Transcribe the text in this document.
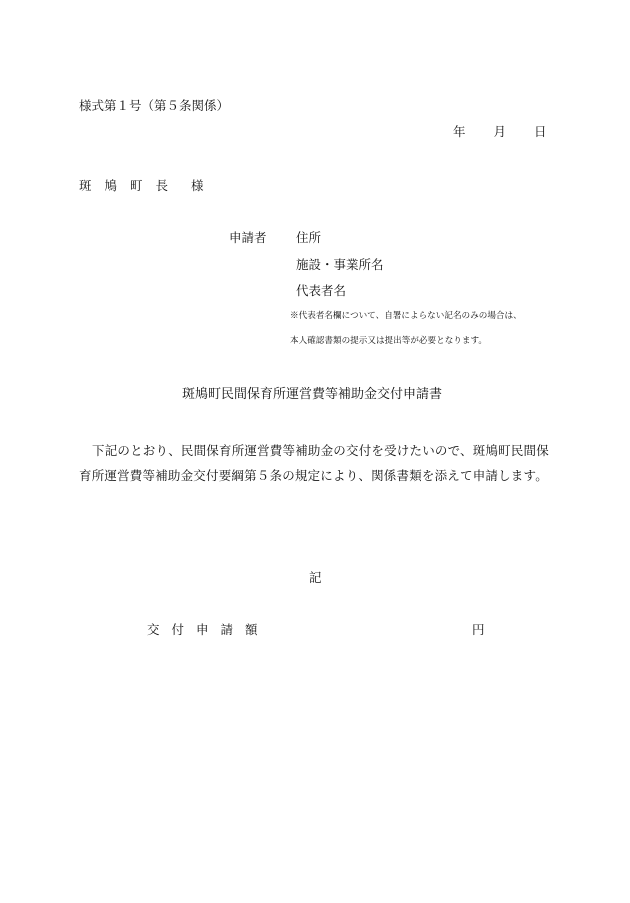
様式第１号（第５条関係）
年 月 日
斑鳩町長 様
申請者 住所
施設・事業所名
代表者名
※代表者名欄について、自署によらない記名のみの場合は、
本人確認書類の提示又は提出等が必要となります。
斑鳩町民間保育所運営費等補助金交付申請書
下記のとおり、民間保育所運営費等補助金の交付を受けたいので、斑鳩町民間保育所運営費等補助金交付要綱第５条の規定により、関係書類を添えて申請します。
記
交付申請額	円
